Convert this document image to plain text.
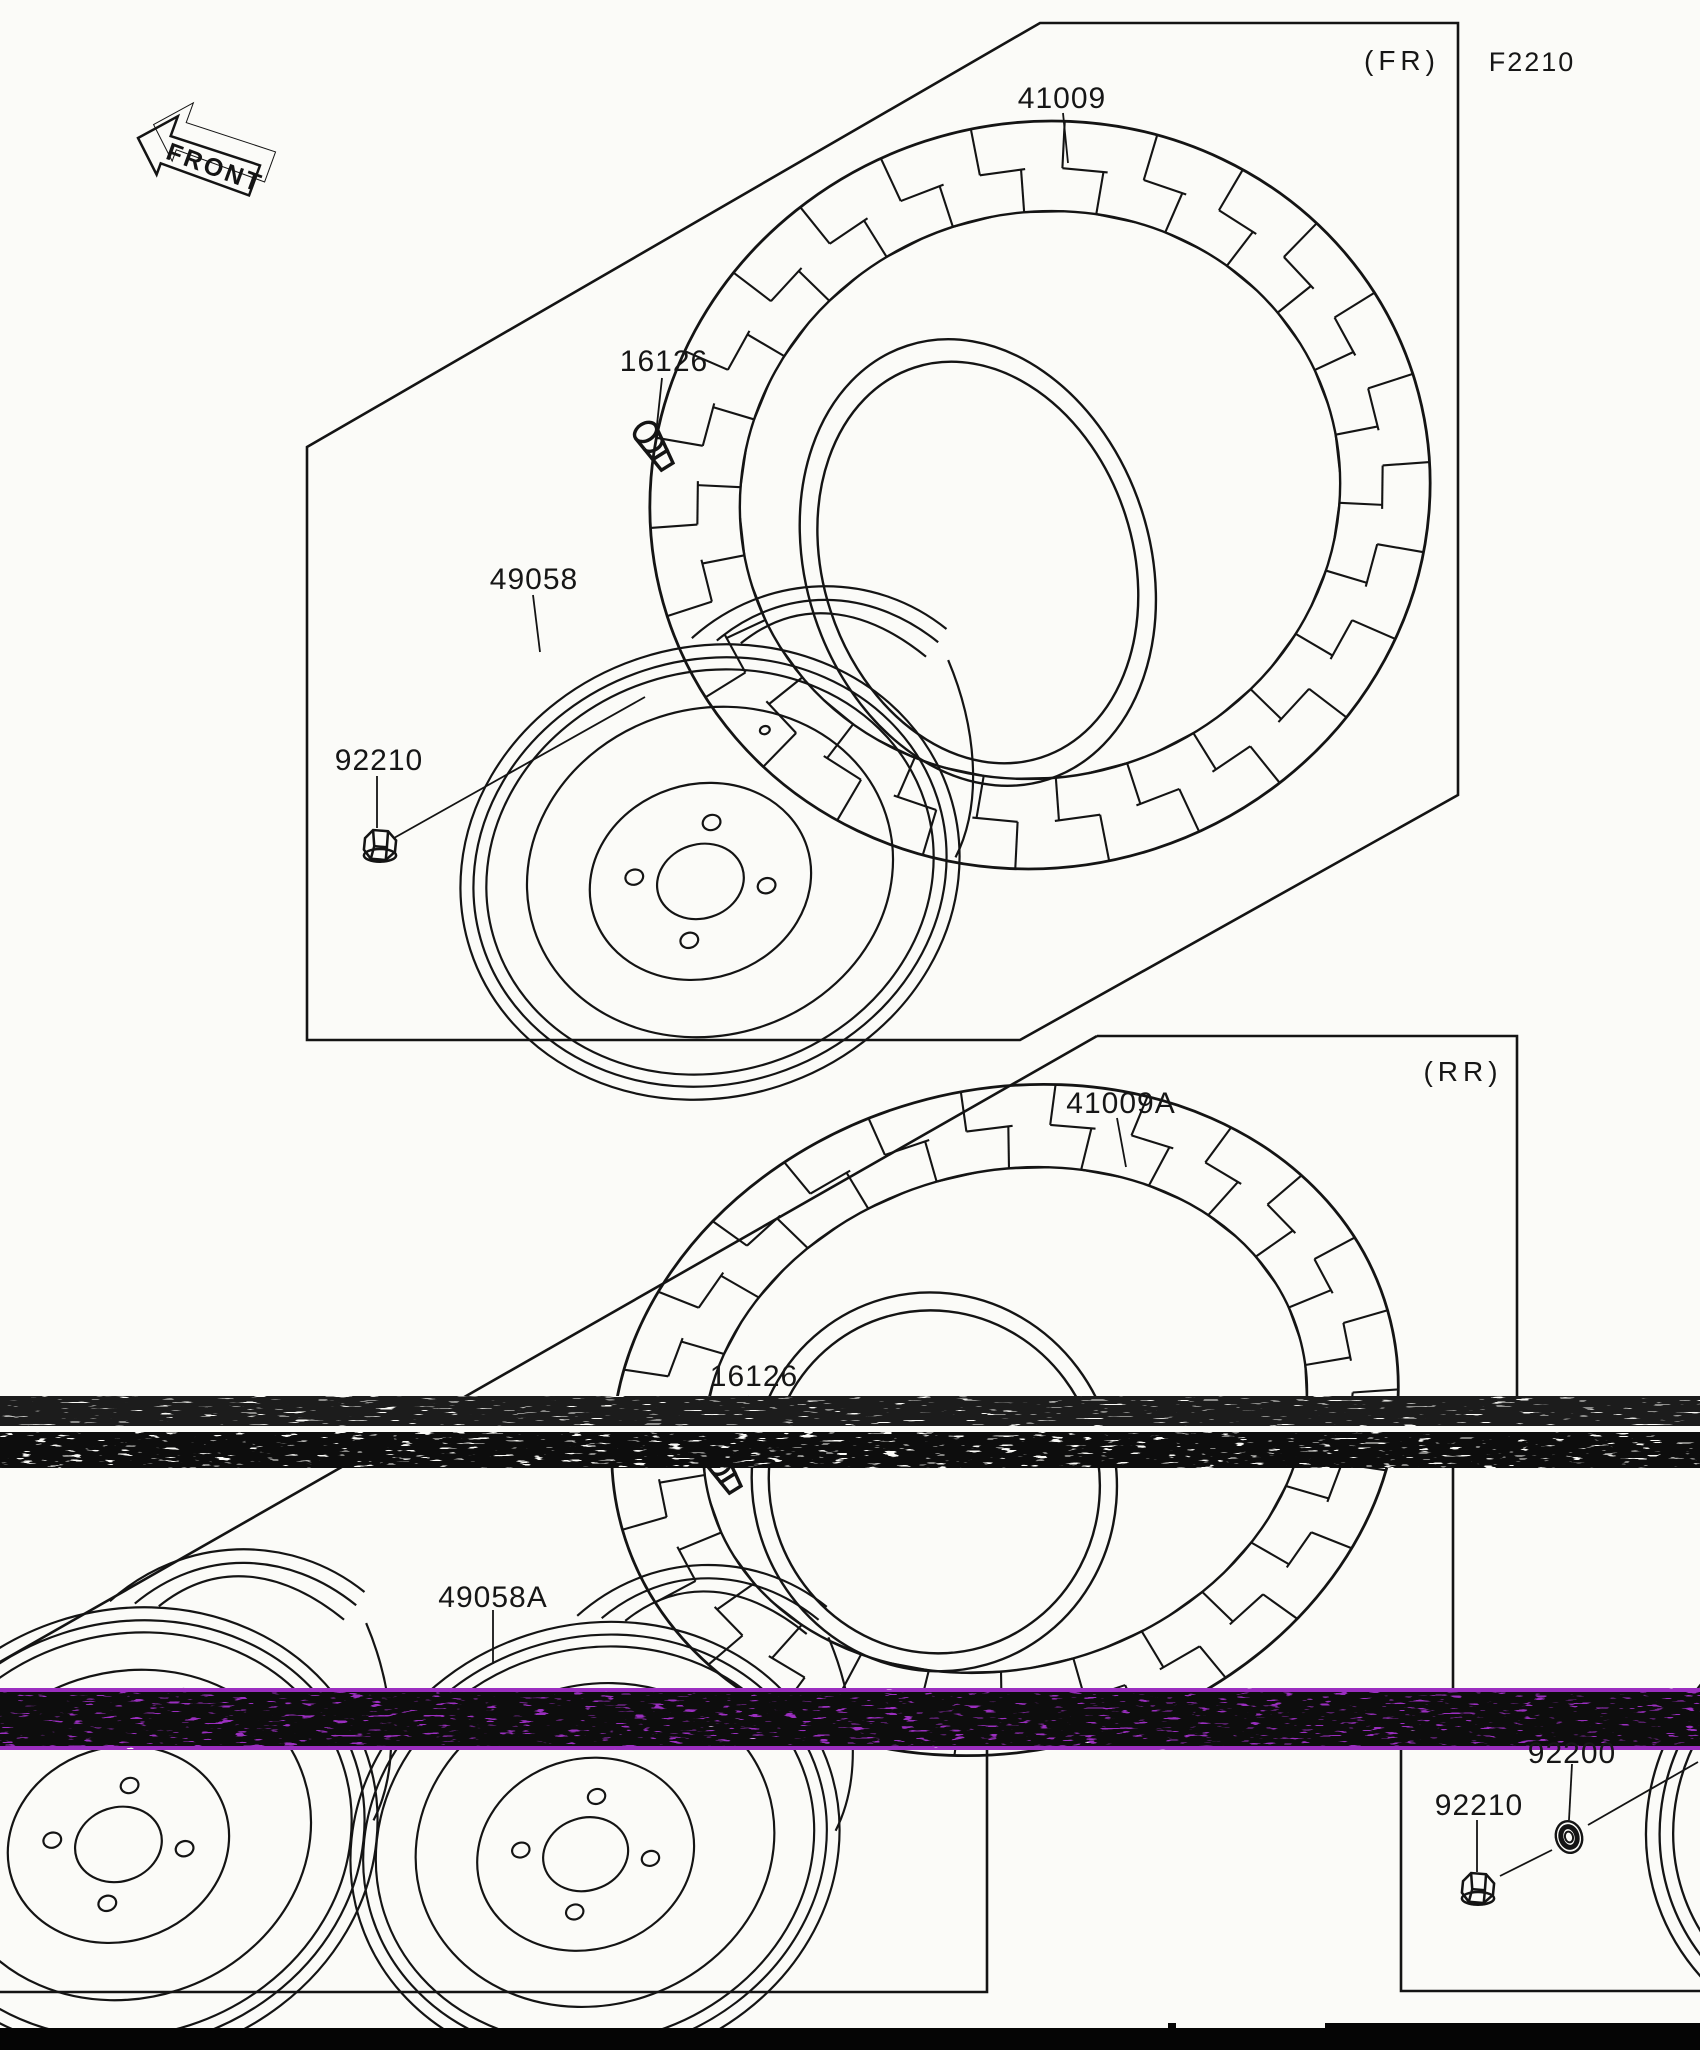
FRONT
(FR) F2210
41009
16126
49058
92210
(RR)
41009A
16126
49058A
92210
92200
